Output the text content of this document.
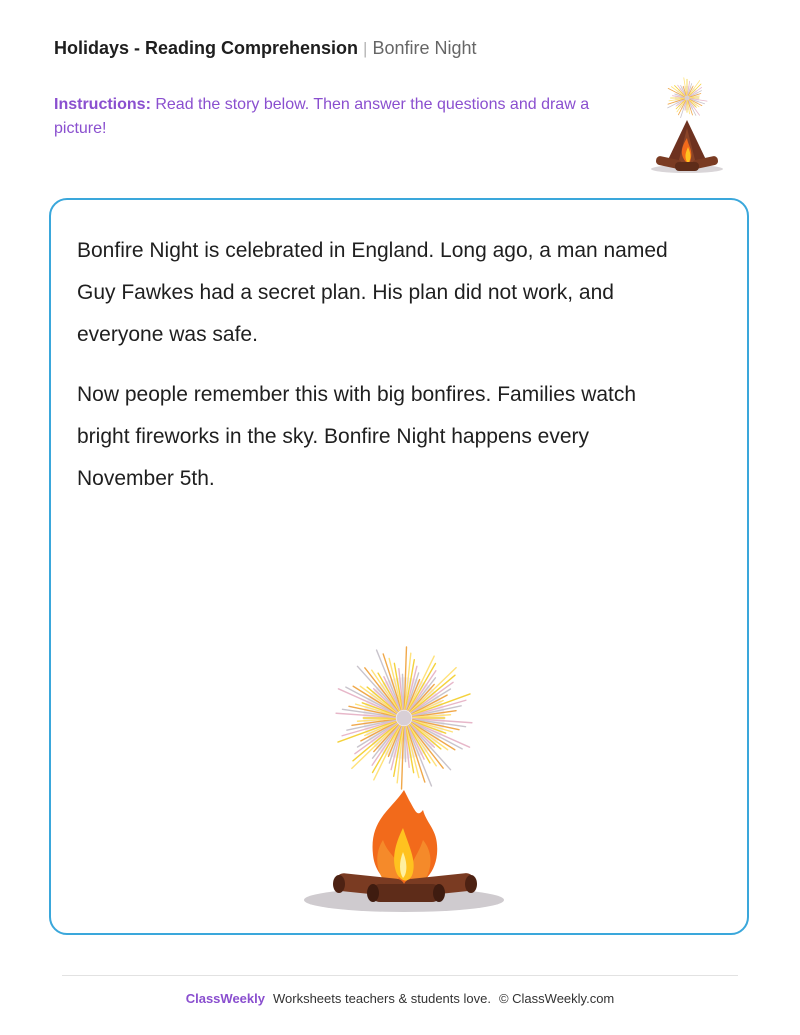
Holidays - Reading Comprehension | Bonfire Night
Instructions: Read the story below. Then answer the questions and draw a picture!

Bonfire Night is celebrated in England. Long ago, a man named Guy Fawkes had a secret plan. His plan did not work, and everyone was safe.

Now people remember this with big bonfires. Families watch bright fireworks in the sky. Bonfire Night happens every November 5th.

ClassWeekly Worksheets teachers & students love. © ClassWeekly.com
